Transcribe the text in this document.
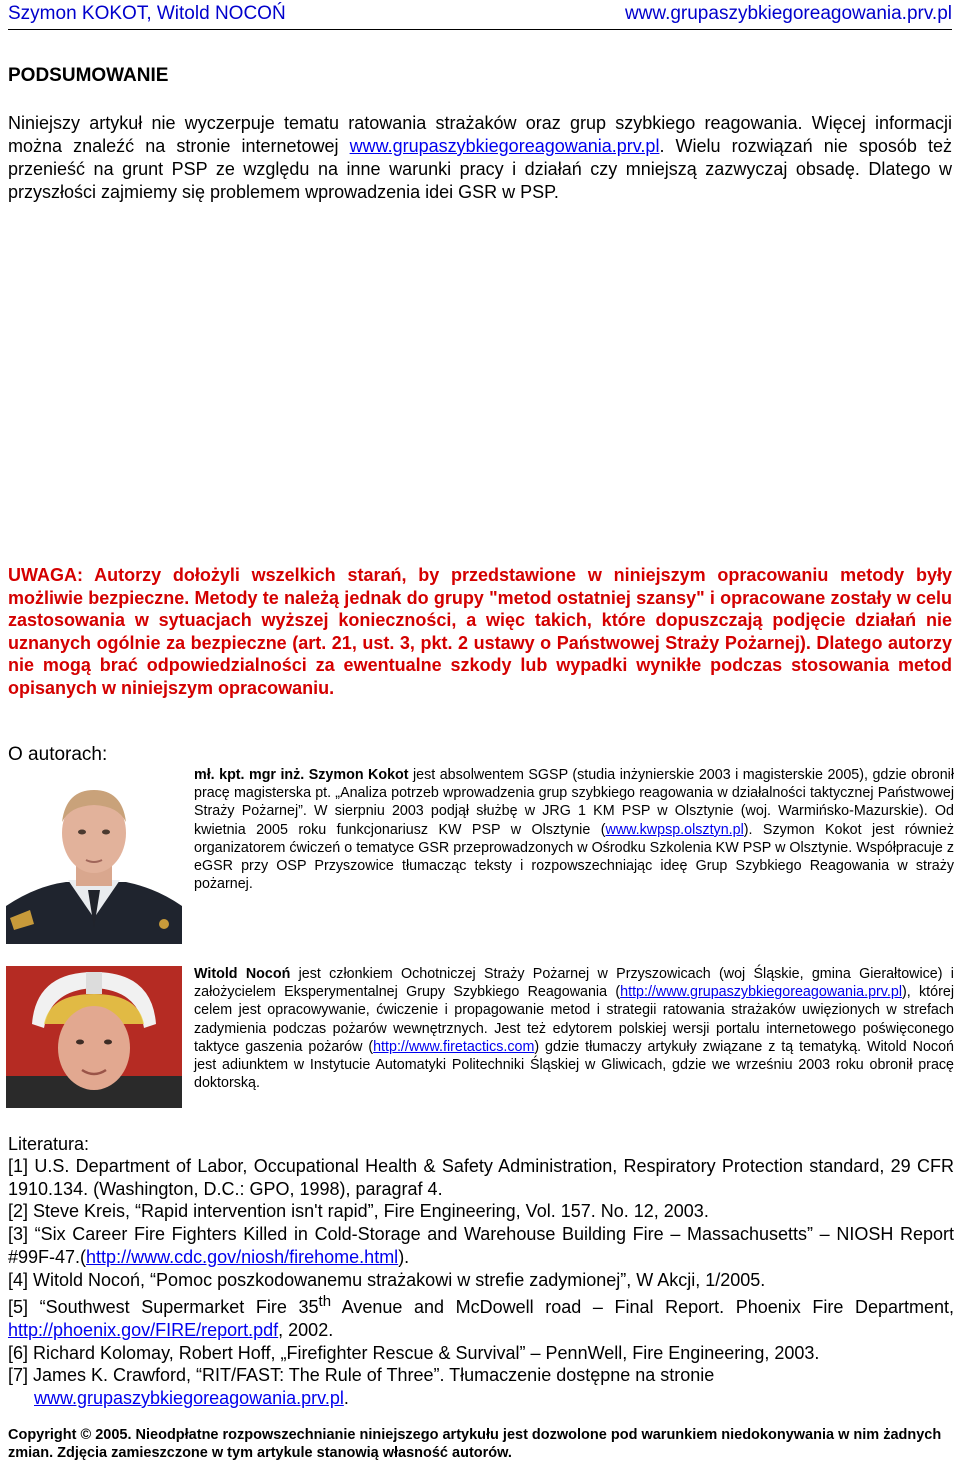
Szymon KOKOT, Witold NOCOŃ	www.grupaszybkiegoreagowania.prv.pl
PODSUMOWANIE

Niniejszy artykuł nie wyczerpuje tematu ratowania strażaków oraz grup szybkiego reagowania. Więcej informacji można znaleźć na stronie internetowej www.grupaszybkiegoreagowania.prv.pl. Wielu rozwiązań nie sposób też przenieść na grunt PSP ze względu na inne warunki pracy i działań czy mniejszą zazwyczaj obsadę. Dlatego w przyszłości zajmiemy się problemem wprowadzenia idei GSR w PSP.

UWAGA: Autorzy dołożyli wszelkich starań, by przedstawione w niniejszym opracowaniu metody były możliwie bezpieczne. Metody te należą jednak do grupy "metod ostatniej szansy" i opracowane zostały w celu zastosowania w sytuacjach wyższej konieczności, a więc takich, które dopuszczają podjęcie działań nie uznanych ogólnie za bezpieczne (art. 21, ust. 3, pkt. 2 ustawy o Państwowej Straży Pożarnej). Dlatego autorzy nie mogą brać odpowiedzialności za ewentualne szkody lub wypadki wynikłe podczas stosowania metod opisanych w niniejszym opracowaniu.

O autorach:

mł. kpt. mgr inż. Szymon Kokot jest absolwentem SGSP (studia inżynierskie 2003 i magisterskie 2005), gdzie obronił pracę magisterska pt. „Analiza potrzeb wprowadzenia grup szybkiego reagowania w działalności taktycznej Państwowej Straży Pożarnej”. W sierpniu 2003 podjął służbę w JRG 1 KM PSP w Olsztynie (woj. Warmińsko-Mazurskie). Od kwietnia 2005 roku funkcjonariusz KW PSP w Olsztynie (www.kwpsp.olsztyn.pl). Szymon Kokot jest również organizatorem ćwiczeń o tematyce GSR przeprowadzonych w Ośrodku Szkolenia KW PSP w Olsztynie. Współpracuje z eGSR przy OSP Przyszowice tłumacząc teksty i rozpowszechniając ideę Grup Szybkiego Reagowania w straży pożarnej.

Witold Nocoń jest członkiem Ochotniczej Straży Pożarnej w Przyszowicach (woj Śląskie, gmina Gierałtowice) i założycielem Eksperymentalnej Grupy Szybkiego Reagowania (http://www.grupaszybkiegoreagowania.prv.pl), której celem jest opracowywanie, ćwiczenie i propagowanie metod i strategii ratowania strażaków uwięzionych w strefach zadymienia podczas pożarów wewnętrznych. Jest też edytorem polskiej wersji portalu internetowego poświęconego taktyce gaszenia pożarów (http://www.firetactics.com) gdzie tłumaczy artykuły związane z tą tematyką. Witold Nocoń jest adiunktem w Instytucie Automatyki Politechniki Śląskiej w Gliwicach, gdzie we wrześniu 2003 roku obronił pracę doktorską.

Literatura:
[1] U.S. Department of Labor, Occupational Health & Safety Administration, Respiratory Protection standard, 29 CFR 1910.134. (Washington, D.C.: GPO, 1998), paragraf 4.
[2] Steve Kreis, “Rapid intervention isn't rapid”, Fire Engineering, Vol. 157. No. 12, 2003.
[3] “Six Career Fire Fighters Killed in Cold-Storage and Warehouse Building Fire – Massachusetts” – NIOSH Report #99F-47.(http://www.cdc.gov/niosh/firehome.html).
[4] Witold Nocoń, “Pomoc poszkodowanemu strażakowi w strefie zadymionej”, W Akcji, 1/2005.
[5] “Southwest Supermarket Fire 35th Avenue and McDowell road – Final Report. Phoenix Fire Department, http://phoenix.gov/FIRE/report.pdf, 2002.
[6] Richard Kolomay, Robert Hoff, „Firefighter Rescue & Survival” – PennWell, Fire Engineering, 2003.
[7] James K. Crawford, “RIT/FAST: The Rule of Three”. Tłumaczenie dostępne na stronie
www.grupaszybkiegoreagowania.prv.pl.

Copyright © 2005. Nieodpłatne rozpowszechnianie niniejszego artykułu jest dozwolone pod warunkiem niedokonywania w nim żadnych zmian. Zdjęcia zamieszczone w tym artykule stanowią własność autorów.
